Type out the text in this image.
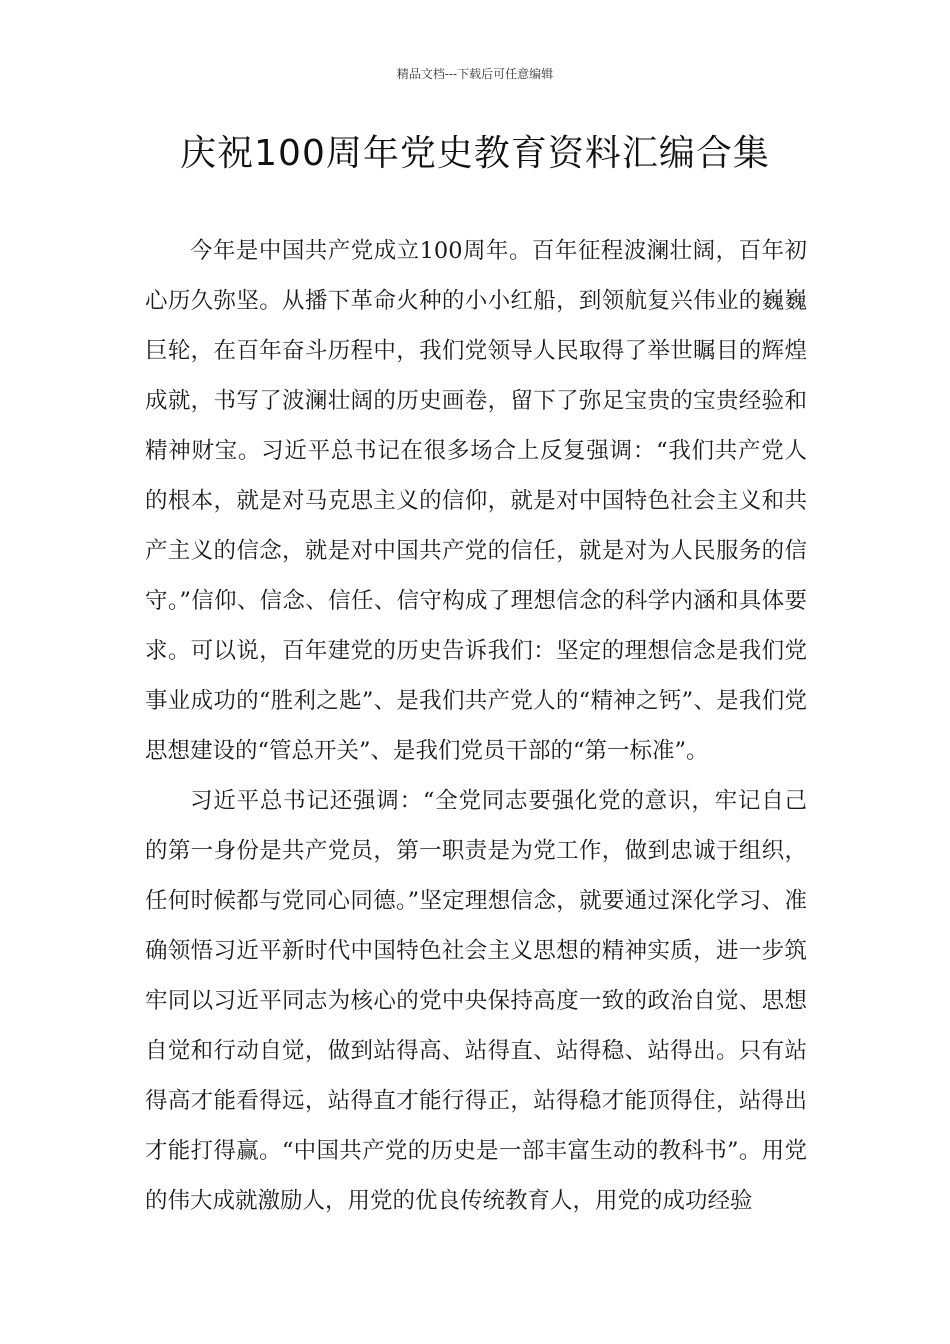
精品文档---下载后可任意编辑
庆祝100周年党史教育资料汇编合集

今年是中国共产党成立100周年。百年征程波澜壮阔，百年初心历久弥坚。从播下革命火种的小小红船，到领航复兴伟业的巍巍巨轮，在百年奋斗历程中，我们党领导人民取得了举世瞩目的辉煌成就，书写了波澜壮阔的历史画卷，留下了弥足宝贵的宝贵经验和精神财宝。习近平总书记在很多场合上反复强调：“我们共产党人的根本，就是对马克思主义的信仰，就是对中国特色社会主义和共产主义的信念，就是对中国共产党的信任，就是对为人民服务的信守。”信仰、信念、信任、信守构成了理想信念的科学内涵和具体要求。可以说，百年建党的历史告诉我们：坚定的理想信念是我们党事业成功的“胜利之匙”、是我们共产党人的“精神之钙”、是我们党思想建设的“管总开关”、是我们党员干部的“第一标准”。

习近平总书记还强调：“全党同志要强化党的意识，牢记自己的第一身份是共产党员，第一职责是为党工作，做到忠诚于组织，任何时候都与党同心同德。”坚定理想信念，就要通过深化学习、准确领悟习近平新时代中国特色社会主义思想的精神实质，进一步筑牢同以习近平同志为核心的党中央保持高度一致的政治自觉、思想自觉和行动自觉，做到站得高、站得直、站得稳、站得出。只有站得高才能看得远，站得直才能行得正，站得稳才能顶得住，站得出才能打得赢。“中国共产党的历史是一部丰富生动的教科书”。用党的伟大成就激励人，用党的优良传统教育人，用党的成功经验
